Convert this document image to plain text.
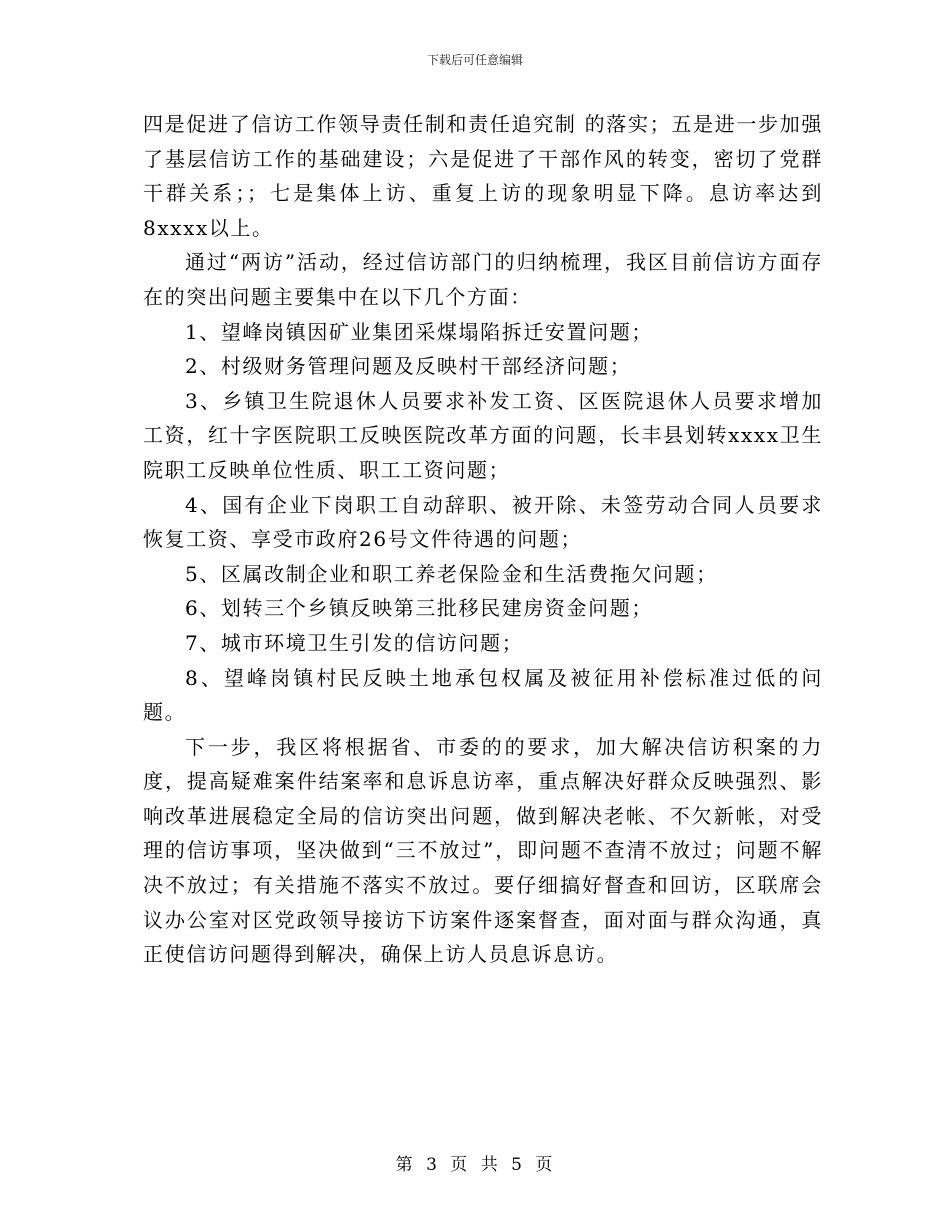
下载后可任意编辑

四是促进了信访工作领导责任制和责任追究制 的落实；五是进一步加强了基层信访工作的基础建设；六是促进了干部作风的转变，密切了党群干群关系；；七是集体上访、重复上访的现象明显下降。息访率达到8xxxx以上。

通过“两访”活动，经过信访部门的归纳梳理，我区目前信访方面存在的突出问题主要集中在以下几个方面：

1、望峰岗镇因矿业集团采煤塌陷拆迁安置问题；

2、村级财务管理问题及反映村干部经济问题；

3、乡镇卫生院退休人员要求补发工资、区医院退休人员要求增加工资，红十字医院职工反映医院改革方面的问题，长丰县划转xxxx卫生院职工反映单位性质、职工工资问题；

4、国有企业下岗职工自动辞职、被开除、未签劳动合同人员要求恢复工资、享受市政府26号文件待遇的问题；

5、区属改制企业和职工养老保险金和生活费拖欠问题；

6、划转三个乡镇反映第三批移民建房资金问题；

7、城市环境卫生引发的信访问题；

8、望峰岗镇村民反映土地承包权属及被征用补偿标准过低的问题。

下一步，我区将根据省、市委的的要求，加大解决信访积案的力度，提高疑难案件结案率和息诉息访率，重点解决好群众反映强烈、影响改革进展稳定全局的信访突出问题，做到解决老帐、不欠新帐，对受理的信访事项，坚决做到“三不放过”，即问题不查清不放过；问题不解决不放过；有关措施不落实不放过。要仔细搞好督查和回访，区联席会议办公室对区党政领导接访下访案件逐案督查，面对面与群众沟通，真正使信访问题得到解决，确保上访人员息诉息访。

第 3 页 共 5 页
